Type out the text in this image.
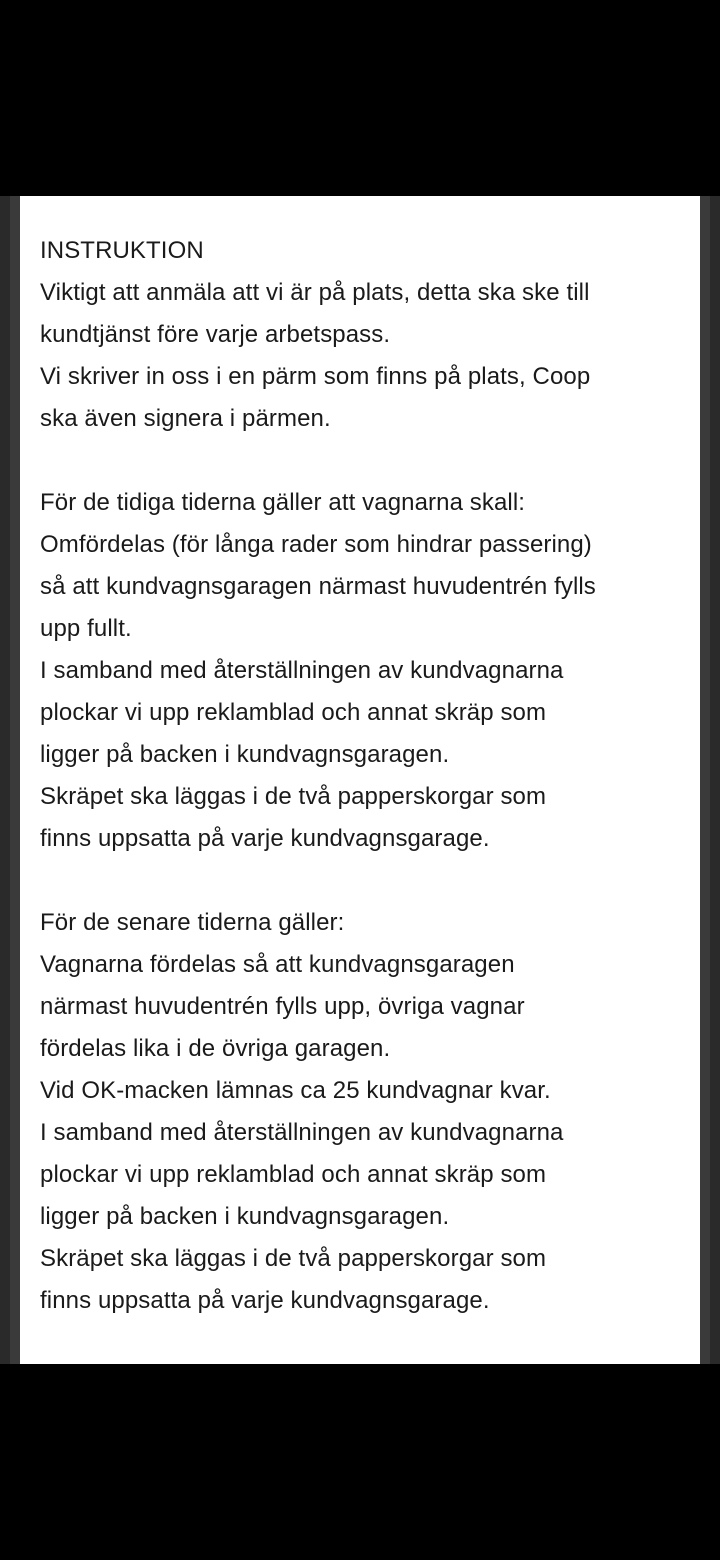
INSTRUKTION
Viktigt att anmäla att vi är på plats, detta ska ske till
kundtjänst före varje arbetspass.
Vi skriver in oss i en pärm som finns på plats, Coop
ska även signera i pärmen.
För de tidiga tiderna gäller att vagnarna skall:
Omfördelas (för långa rader som hindrar passering)
så att kundvagnsgaragen närmast huvudentrén fylls
upp fullt.
I samband med återställningen av kundvagnarna
plockar vi upp reklamblad och annat skräp som
ligger på backen i kundvagnsgaragen.
Skräpet ska läggas i de två papperskorgar som
finns uppsatta på varje kundvagnsgarage.
För de senare tiderna gäller:
Vagnarna fördelas så att kundvagnsgaragen
närmast huvudentrén fylls upp, övriga vagnar
fördelas lika i de övriga garagen.
Vid OK-macken lämnas ca 25 kundvagnar kvar.
I samband med återställningen av kundvagnarna
plockar vi upp reklamblad och annat skräp som
ligger på backen i kundvagnsgaragen.
Skräpet ska läggas i de två papperskorgar som
finns uppsatta på varje kundvagnsgarage.
